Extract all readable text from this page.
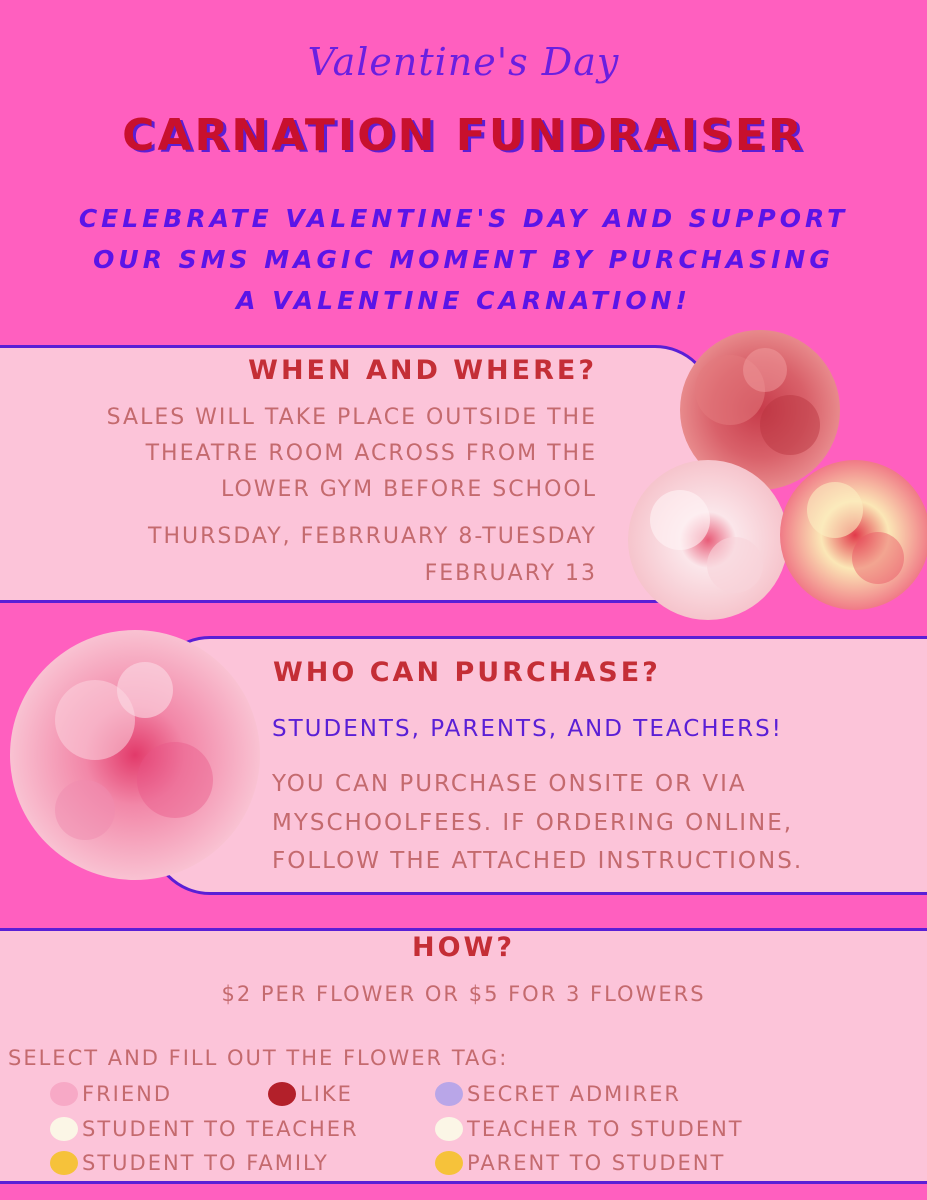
Valentine's Day
CARNATION FUNDRAISER
CELEBRATE VALENTINE'S DAY AND SUPPORT
OUR SMS MAGIC MOMENT BY PURCHASING
A VALENTINE CARNATION!
WHEN AND WHERE?
SALES WILL TAKE PLACE OUTSIDE THE
THEATRE ROOM ACROSS FROM THE
LOWER GYM BEFORE SCHOOL
THURSDAY, FEBRRUARY 8-TUESDAY
FEBRUARY 13
WHO CAN PURCHASE?
STUDENTS, PARENTS, AND TEACHERS!
YOU CAN PURCHASE ONSITE OR VIA
MYSCHOOLFEES. IF ORDERING ONLINE,
FOLLOW THE ATTACHED INSTRUCTIONS.
HOW?
$2 PER FLOWER OR $5 FOR 3 FLOWERS
SELECT AND FILL OUT THE FLOWER TAG:
FRIEND	LIKE	SECRET ADMIRER
STUDENT TO TEACHER	TEACHER TO STUDENT
STUDENT TO FAMILY	PARENT TO STUDENT
